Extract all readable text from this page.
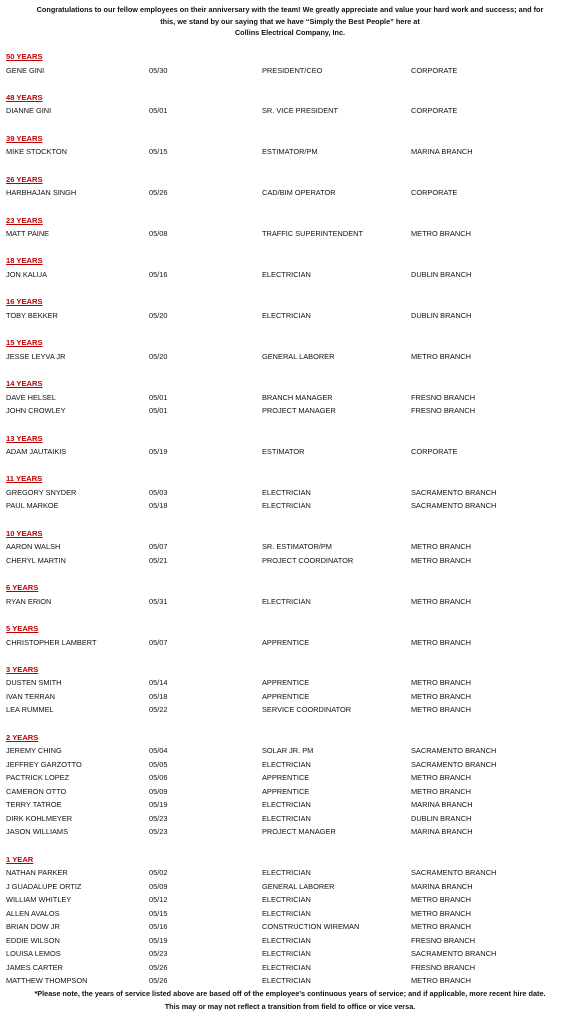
Congratulations to our fellow employees on their anniversary with the team! We greatly appreciate and value your hard work and success; and for
this, we stand by our saying that we have “Simply the Best People” here at
Collins Electrical Company, Inc.
50 YEARS
GENE GINI	05/30	PRESIDENT/CEO	CORPORATE
48 YEARS
DIANNE GINI	05/01	SR. VICE PRESIDENT	CORPORATE
39 YEARS
MIKE STOCKTON	05/15	ESTIMATOR/PM	MARINA BRANCH
26 YEARS
HARBHAJAN SINGH	05/26	CAD/BIM OPERATOR	CORPORATE
23 YEARS
MATT PAINE	05/08	TRAFFIC SUPERINTENDENT	METRO BRANCH
18 YEARS
JON KALUA	05/16	ELECTRICIAN	DUBLIN BRANCH
16 YEARS
TOBY BEKKER	05/20	ELECTRICIAN	DUBLIN BRANCH
15 YEARS
JESSE LEYVA JR	05/20	GENERAL LABORER	METRO BRANCH
14 YEARS
DAVE HELSEL	05/01	BRANCH MANAGER	FRESNO BRANCH
JOHN CROWLEY	05/01	PROJECT MANAGER	FRESNO BRANCH
13 YEARS
ADAM JAUTAIKIS	05/19	ESTIMATOR	CORPORATE
11 YEARS
GREGORY SNYDER	05/03	ELECTRICIAN	SACRAMENTO BRANCH
PAUL MARKOE	05/18	ELECTRICIAN	SACRAMENTO BRANCH
10 YEARS
AARON WALSH	05/07	SR. ESTIMATOR/PM	METRO BRANCH
CHERYL MARTIN	05/21	PROJECT COORDINATOR	METRO BRANCH
6 YEARS
RYAN ERION	05/31	ELECTRICIAN	METRO BRANCH
5 YEARS
CHRISTOPHER LAMBERT	05/07	APPRENTICE	METRO BRANCH
3 YEARS
DUSTEN SMITH	05/14	APPRENTICE	METRO BRANCH
IVAN TERRAN	05/18	APPRENTICE	METRO BRANCH
LEA RUMMEL	05/22	SERVICE COORDINATOR	METRO BRANCH
2 YEARS
JEREMY CHING	05/04	SOLAR JR. PM	SACRAMENTO BRANCH
JEFFREY GARZOTTO	05/05	ELECTRICIAN	SACRAMENTO BRANCH
PACTRICK LOPEZ	05/06	APPRENTICE	METRO BRANCH
CAMERON OTTO	05/09	APPRENTICE	METRO BRANCH
TERRY TATROE	05/19	ELECTRICIAN	MARINA BRANCH
DIRK KOHLMEYER	05/23	ELECTRICIAN	DUBLIN BRANCH
JASON WILLIAMS	05/23	PROJECT MANAGER	MARINA BRANCH
1 YEAR
NATHAN PARKER	05/02	ELECTRICIAN	SACRAMENTO BRANCH
J GUADALUPE ORTIZ	05/09	GENERAL LABORER	MARINA BRANCH
WILLIAM WHITLEY	05/12	ELECTRICIAN	METRO BRANCH
ALLEN AVALOS	05/15	ELECTRICIAN	METRO BRANCH
BRIAN DOW JR	05/16	CONSTRUCTION WIREMAN	METRO BRANCH
EDDIE WILSON	05/19	ELECTRICIAN	FRESNO BRANCH
LOUISA LEMOS	05/23	ELECTRICIAN	SACRAMENTO BRANCH
JAMES CARTER	05/26	ELECTRICIAN	FRESNO BRANCH
MATTHEW THOMPSON	05/26	ELECTRICIAN	METRO BRANCH
*Please note, the years of service listed above are based off of the employee’s continuous years of service; and if applicable, more recent hire date.
This may or may not reflect a transition from field to office or vice versa.
